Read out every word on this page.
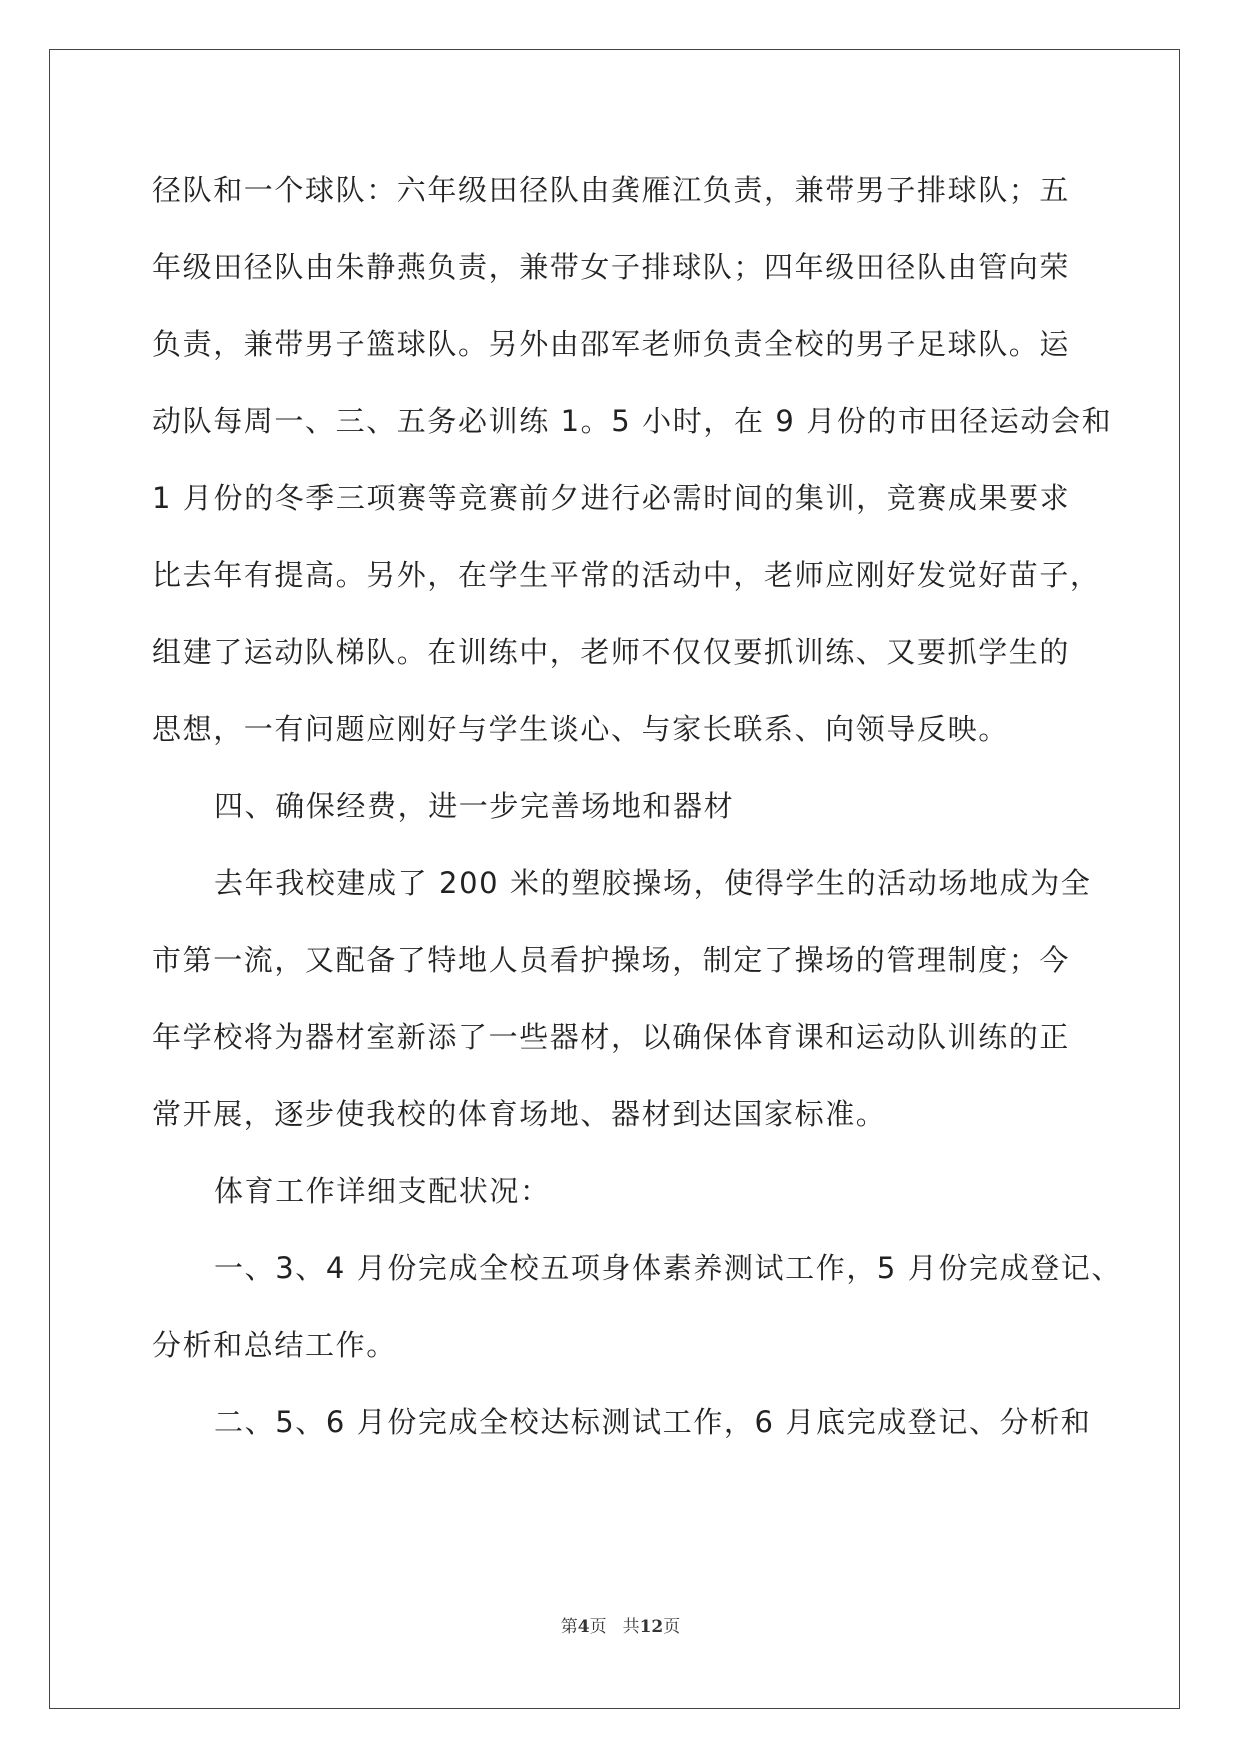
径队和一个球队：六年级田径队由龚雁江负责，兼带男子排球队；五
年级田径队由朱静燕负责，兼带女子排球队；四年级田径队由管向荣
负责，兼带男子篮球队。另外由邵军老师负责全校的男子足球队。运
动队每周一、三、五务必训练 1。5 小时，在 9 月份的市田径运动会和
1 月份的冬季三项赛等竞赛前夕进行必需时间的集训，竞赛成果要求
比去年有提高。另外，在学生平常的活动中，老师应刚好发觉好苗子，
组建了运动队梯队。在训练中，老师不仅仅要抓训练、又要抓学生的
思想，一有问题应刚好与学生谈心、与家长联系、向领导反映。
四、确保经费，进一步完善场地和器材
去年我校建成了 200 米的塑胶操场，使得学生的活动场地成为全
市第一流，又配备了特地人员看护操场，制定了操场的管理制度；今
年学校将为器材室新添了一些器材，以确保体育课和运动队训练的正
常开展，逐步使我校的体育场地、器材到达国家标准。
体育工作详细支配状况：
一、3、4 月份完成全校五项身体素养测试工作，5 月份完成登记、
分析和总结工作。
二、5、6 月份完成全校达标测试工作，6 月底完成登记、分析和
第4页 共12页
